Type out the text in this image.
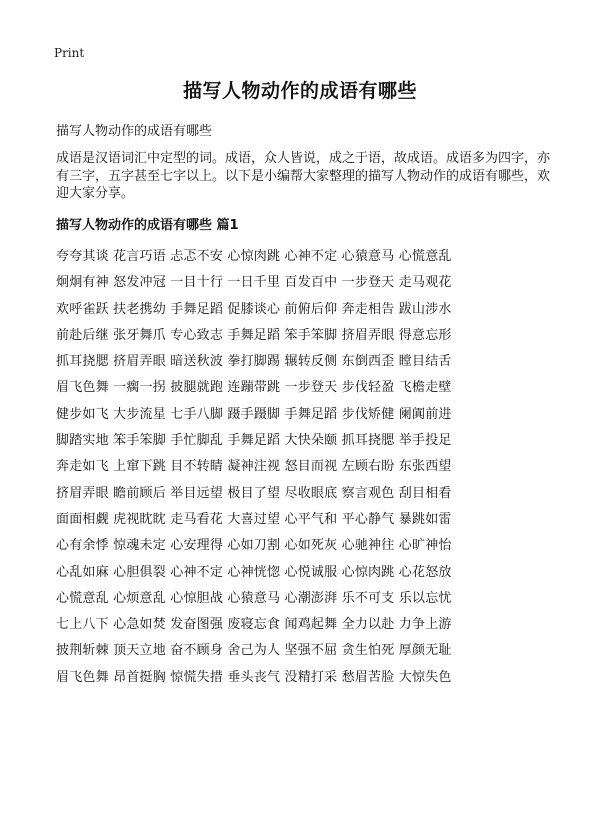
Print
描写人物动作的成语有哪些
描写人物动作的成语有哪些
成语是汉语词汇中定型的词。成语，众人皆说，成之于语，故成语。成语多为四字，亦有三字，五字甚至七字以上。以下是小编帮大家整理的描写人物动作的成语有哪些，欢迎大家分享。
描写人物动作的成语有哪些 篇1
夸夸其谈 花言巧语 忐忑不安 心惊肉跳 心神不定 心猿意马 心慌意乱
炯炯有神 怒发冲冠 一目十行 一日千里 百发百中 一步登天 走马观花
欢呼雀跃 扶老携幼 手舞足蹈 促膝谈心 前俯后仰 奔走相告 跋山涉水
前赴后继 张牙舞爪 专心致志 手舞足蹈 笨手笨脚 挤眉弄眼 得意忘形
抓耳挠腮 挤眉弄眼 暗送秋波 拳打脚踢 辗转反侧 东倒西歪 瞠目结舌
眉飞色舞 一瘸一拐 披腿就跑 连蹦带跳 一步登天 步伐轻盈 飞檐走壁
健步如飞 大步流星 七手八脚 蹑手蹑脚 手舞足蹈 步伐矫健 阑阗前进
脚踏实地 笨手笨脚 手忙脚乱 手舞足蹈 大快朵颐 抓耳挠腮 举手投足
奔走如飞 上窜下跳 目不转睛 凝神注视 怒目而视 左顾右盼 东张西望
挤眉弄眼 瞻前顾后 举目远望 极目了望 尽收眼底 察言观色 刮目相看
面面相觑 虎视眈眈 走马看花 大喜过望 心平气和 平心静气 暴跳如雷
心有余悸 惊魂未定 心安理得 心如刀割 心如死灰 心驰神往 心旷神怡
心乱如麻 心胆俱裂 心神不定 心神恍惚 心悦诚服 心惊肉跳 心花怒放
心慌意乱 心烦意乱 心惊胆战 心猿意马 心潮澎湃 乐不可支 乐以忘忧
七上八下 心急如焚 发奋图强 废寝忘食 闻鸡起舞 全力以赴 力争上游
披荆斩棘 顶天立地 奋不顾身 舍己为人 坚强不屈 贪生怕死 厚颜无耻
眉飞色舞 昂首挺胸 惊慌失措 垂头丧气 没精打采 愁眉苦脸 大惊失色
